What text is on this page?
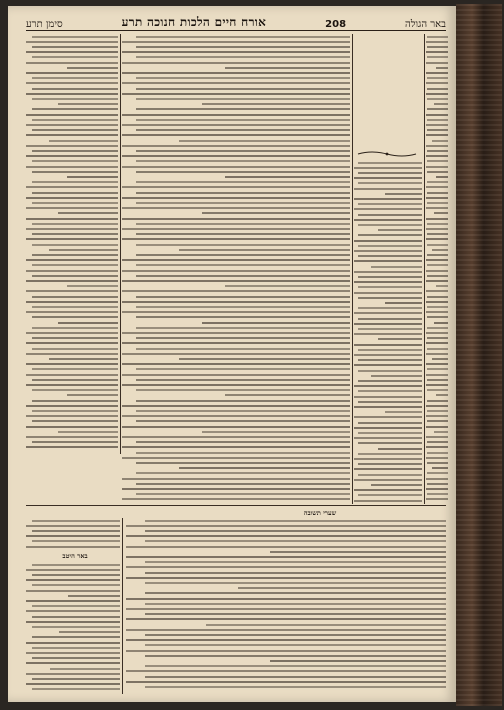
באר הגולה
208
אורח חיים הלכות חנוכה תרע
סימן תרע
שערי תשובה
באר היטב
